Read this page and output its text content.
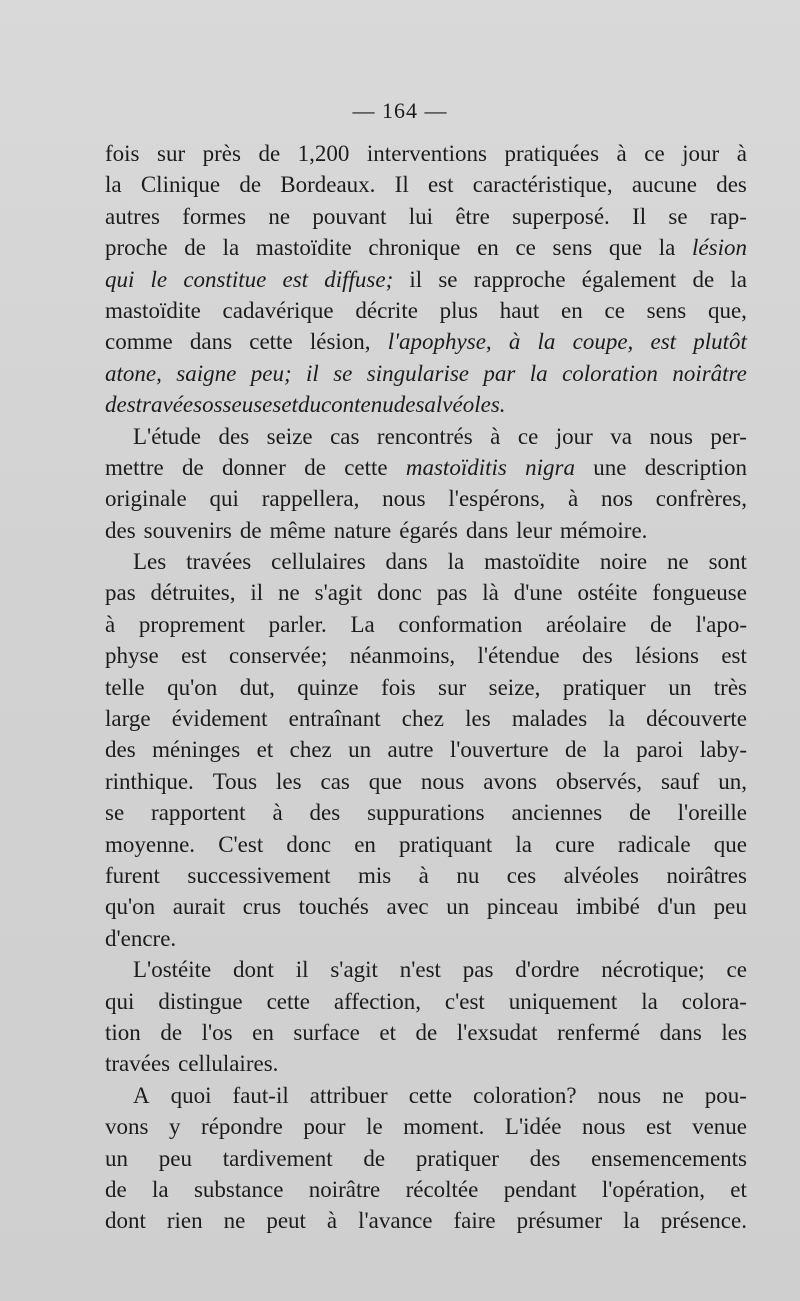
— 164 —
fois sur près de 1,200 interventions pratiquées à ce jour à
la Clinique de Bordeaux. Il est caractéristique, aucune des
autres formes ne pouvant lui être superposé. Il se rap-
proche de la mastoïdite chronique en ce sens que la lésion
qui le constitue est diffuse; il se rapproche également de la
mastoïdite cadavérique décrite plus haut en ce sens que,
comme dans cette lésion, l'apophyse, à la coupe, est plutôt
atone, saigne peu; il se singularise par la coloration noirâtre
des travées osseuses et du contenu des alvéoles.
L'étude des seize cas rencontrés à ce jour va nous per-
mettre de donner de cette mastoïditis nigra une description
originale qui rappellera, nous l'espérons, à nos confrères,
des souvenirs de même nature égarés dans leur mémoire.
Les travées cellulaires dans la mastoïdite noire ne sont
pas détruites, il ne s'agit donc pas là d'une ostéite fongueuse
à proprement parler. La conformation aréolaire de l'apo-
physe est conservée; néanmoins, l'étendue des lésions est
telle qu'on dut, quinze fois sur seize, pratiquer un très
large évidement entraînant chez les malades la découverte
des méninges et chez un autre l'ouverture de la paroi laby-
rinthique. Tous les cas que nous avons observés, sauf un,
se rapportent à des suppurations anciennes de l'oreille
moyenne. C'est donc en pratiquant la cure radicale que
furent successivement mis à nu ces alvéoles noirâtres
qu'on aurait crus touchés avec un pinceau imbibé d'un peu
d'encre.
L'ostéite dont il s'agit n'est pas d'ordre nécrotique; ce
qui distingue cette affection, c'est uniquement la colora-
tion de l'os en surface et de l'exsudat renfermé dans les
travées cellulaires.
A quoi faut-il attribuer cette coloration? nous ne pou-
vons y répondre pour le moment. L'idée nous est venue
un peu tardivement de pratiquer des ensemencements
de la substance noirâtre récoltée pendant l'opération, et
dont rien ne peut à l'avance faire présumer la présence.
